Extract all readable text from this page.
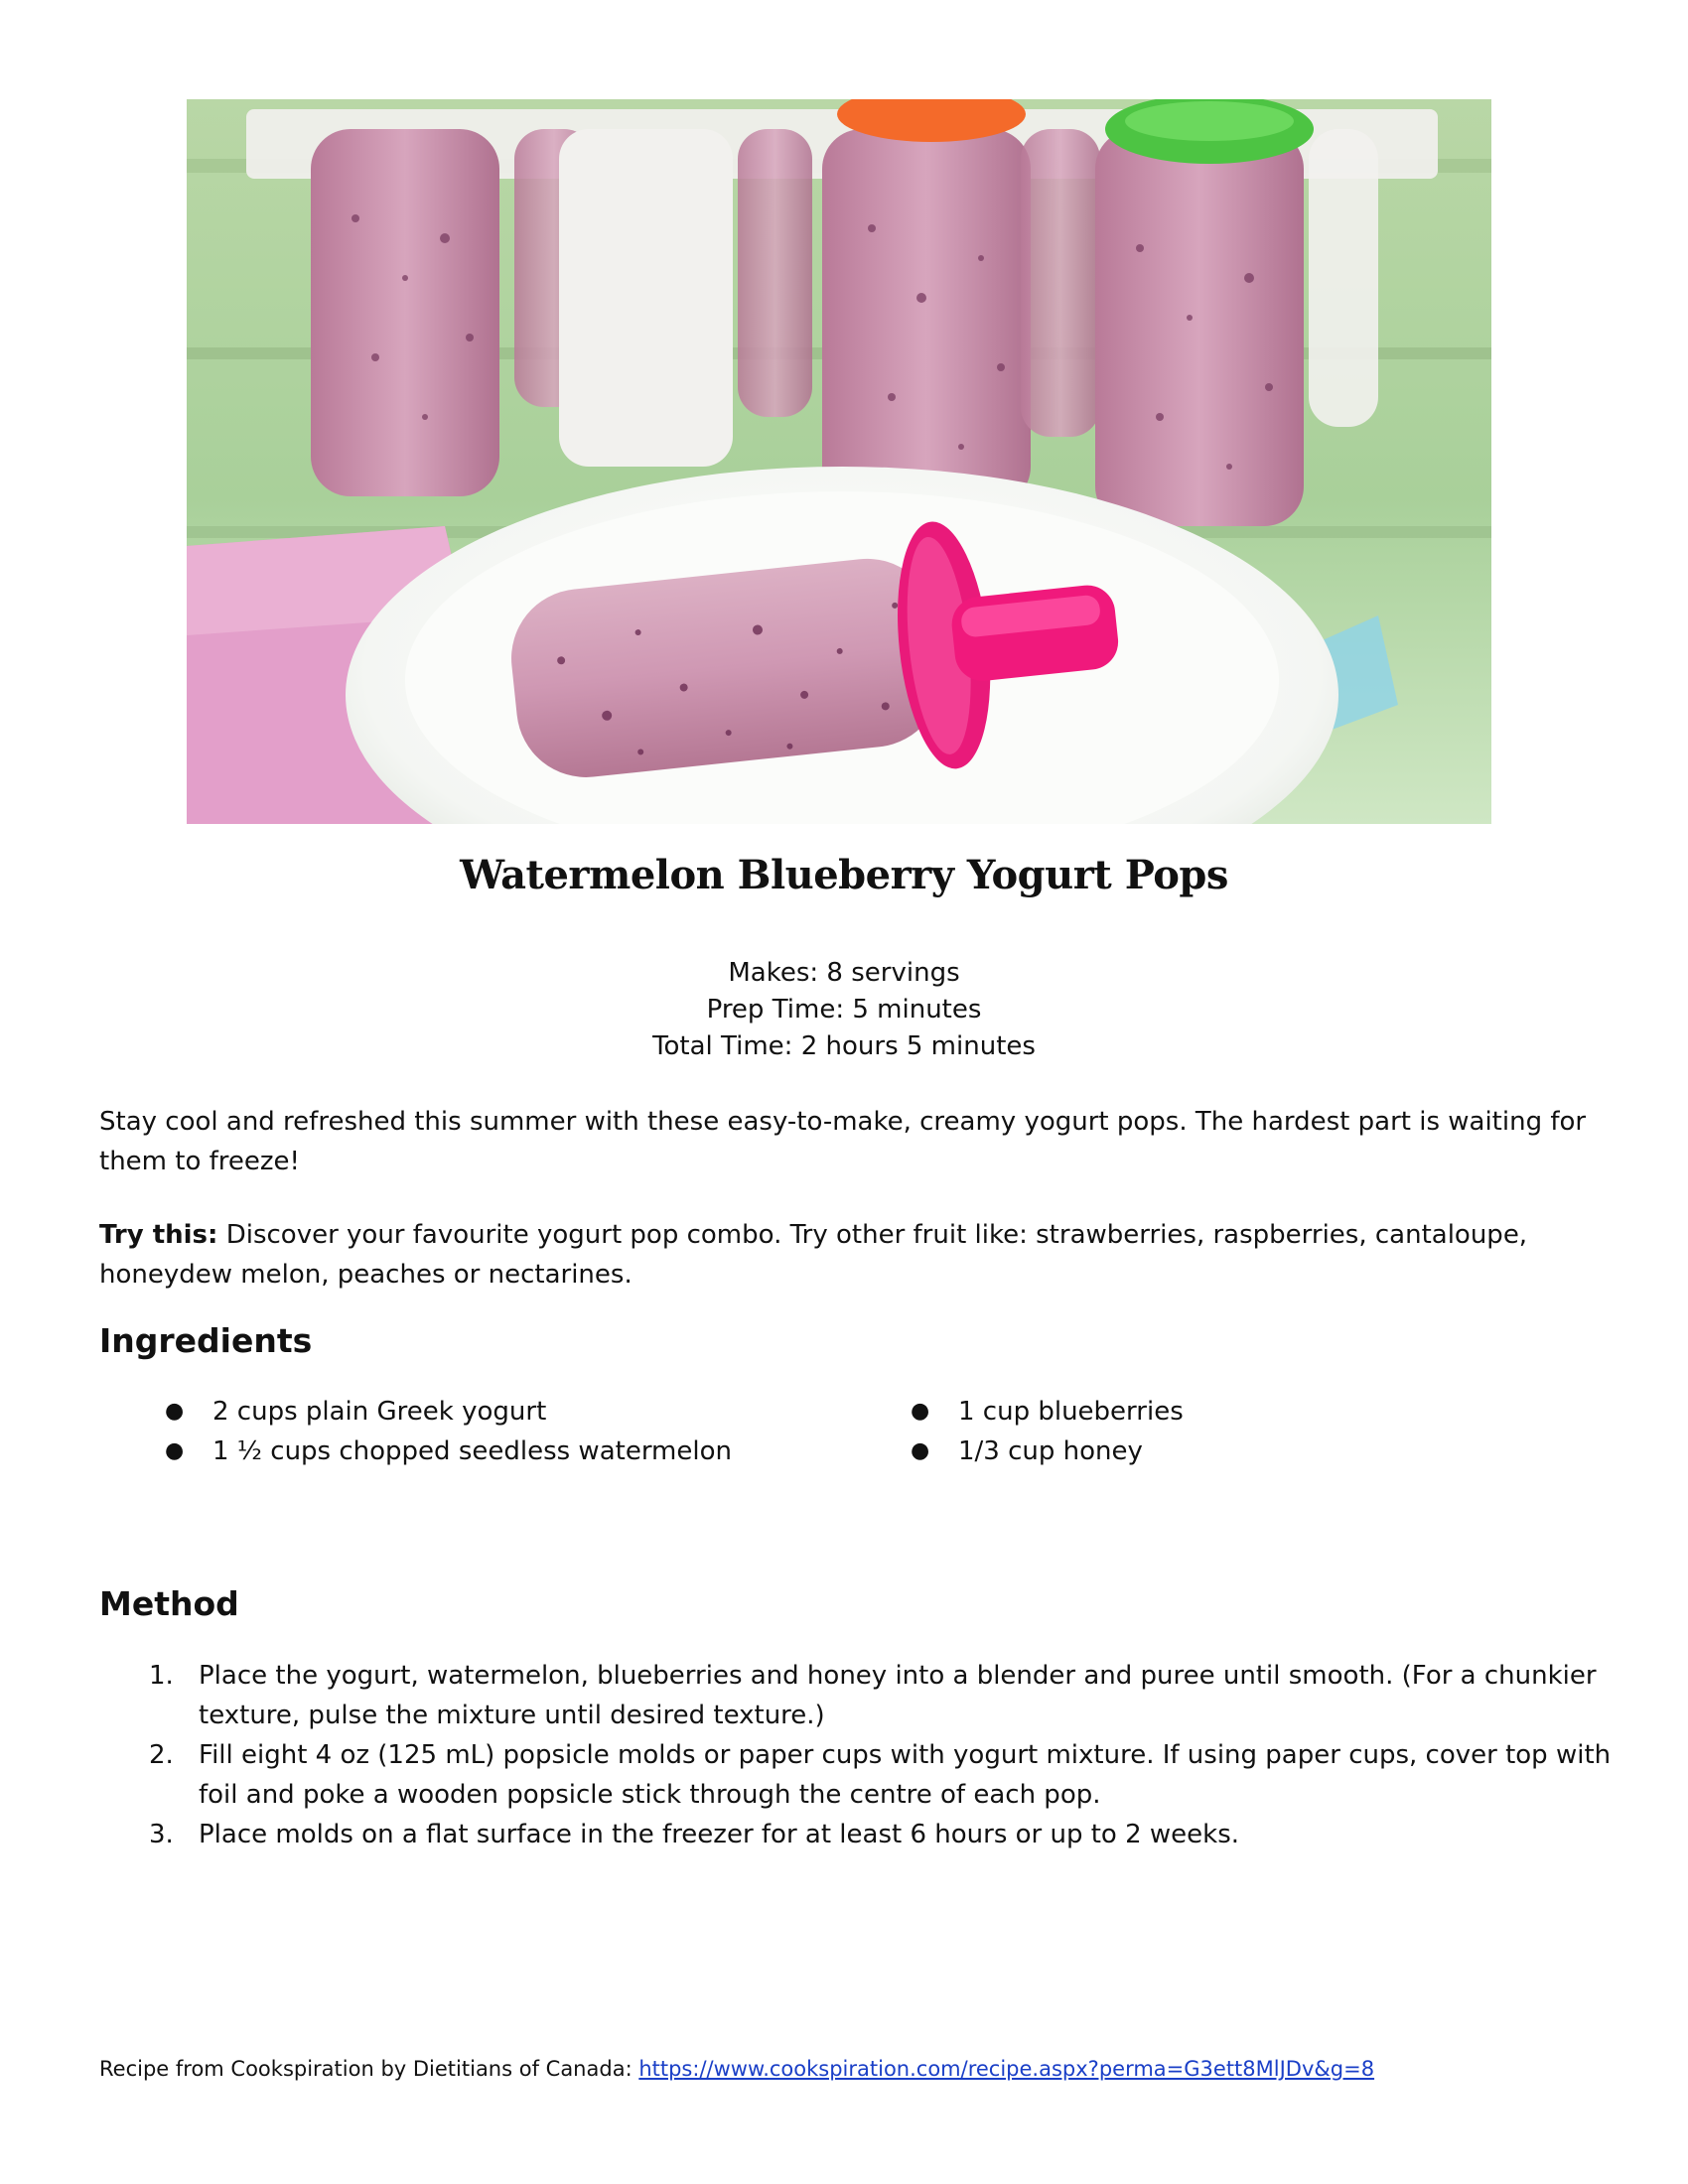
Watermelon Blueberry Yogurt Pops
Makes: 8 servings
Prep Time: 5 minutes
Total Time: 2 hours 5 minutes
Stay cool and refreshed this summer with these easy-to-make, creamy yogurt pops. The hardest part is waiting for them to freeze!
Try this: Discover your favourite yogurt pop combo. Try other fruit like: strawberries, raspberries, cantaloupe, honeydew melon, peaches or nectarines.
Ingredients
● 2 cups plain Greek yogurt
● 1 ½ cups chopped seedless watermelon
● 1 cup blueberries
● 1/3 cup honey
Method
1. Place the yogurt, watermelon, blueberries and honey into a blender and puree until smooth. (For a chunkier texture, pulse the mixture until desired texture.)
2. Fill eight 4 oz (125 mL) popsicle molds or paper cups with yogurt mixture. If using paper cups, cover top with foil and poke a wooden popsicle stick through the centre of each pop.
3. Place molds on a flat surface in the freezer for at least 6 hours or up to 2 weeks.
Recipe from Cookspiration by Dietitians of Canada: https://www.cookspiration.com/recipe.aspx?perma=G3ett8MlJDv&g=8
